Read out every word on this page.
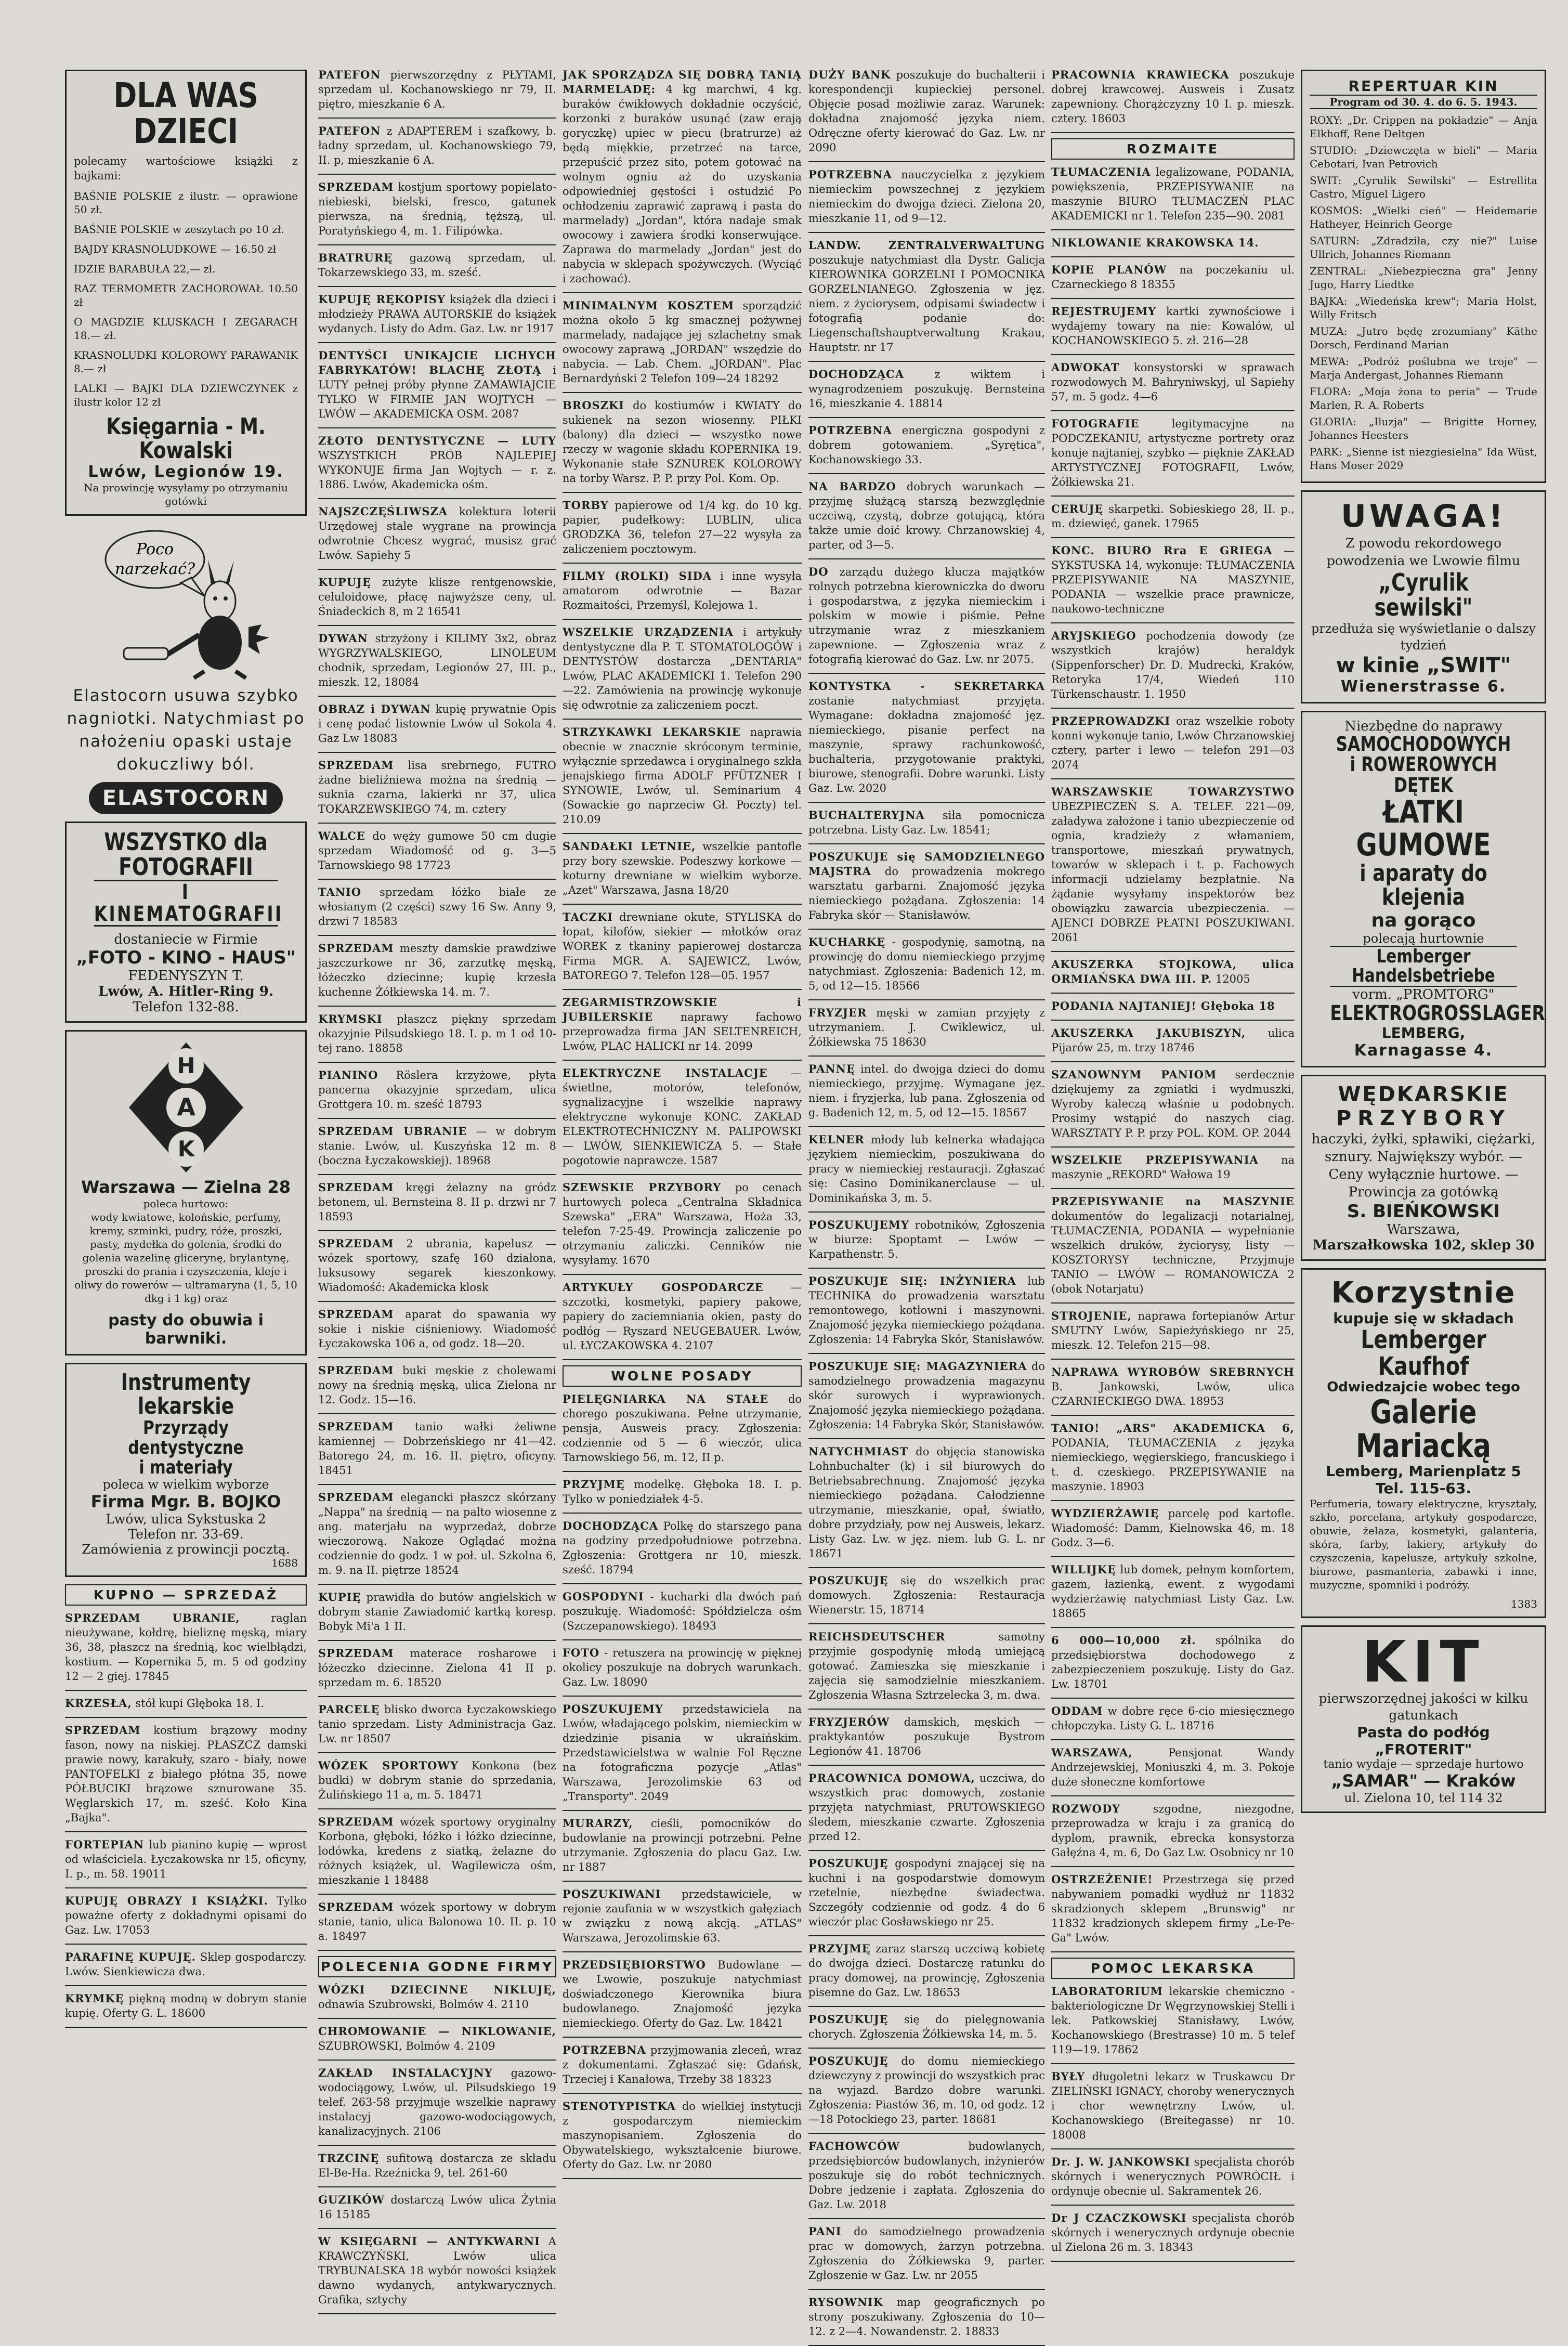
DLA WAS DZIECI
polecamy wartościowe książki z bajkami:
BAŚNIE POLSKIE z ilustr. — oprawione 50 zł.
BAŚNIE POLSKIE w zeszytach po 10 zł.
BAJDY KRASNOLUDKOWE — 16.50 zł
IDZIE BARABUŁA 22,— zł.
RAZ TERMOMETR ZACHOROWAŁ 10.50 zł
O MAGDZIE KLUSKACH I ZEGARACH 18.— zł.
KRASNOLUDKI KOLOROWY PARAWANIK 8.— zł
LALKI — BAJKI DLA DZIEWCZYNEK z ilustr kolor 12 zł
Księgarnia - M. Kowalski
Lwów, Legionów 19.
Na prowincję wysyłamy po otrzymaniu gotówki
Poco
narzekać?
Elastocorn usuwa szybko nagniotki. Natychmiast po nałożeniu opaski ustaje dokuczliwy ból.
ELASTOCORN
WSZYSTKO dla FOTOGRAFII
I KINEMATOGRAFII
dostaniecie w Firmie
„FOTO - KINO - HAUS"
FEDENYSZYN T.
Lwów, A. Hitler-Ring 9.
Telefon 132-88.
H
A
K
Warszawa — Zielna 28
poleca hurtowo:
wody kwiatowe, kolońskie, perfumy, kremy, szminki, pudry, róże, proszki, pasty, mydełka do golenia, środki do golenia wazelinę glicerynę, brylantynę, proszki do prania i czyszczenia, kleje i oliwy do rowerów — ultramaryna (1, 5, 10 dkg i 1 kg) oraz
pasty do obuwia i barwniki.
Instrumenty lekarskie
Przyrządy dentystyczne
i materiały
poleca w wielkim wyborze
Firma Mgr. B. BOJKO
Lwów, ulica Sykstuska 2
Telefon nr. 33-69.
Zamówienia z prowincji pocztą.
1688
KUPNO — SPRZEDAŻ
SPRZEDAM UBRANIE, raglan nieużywane, kołdrę, bieliznę męską, miary 36, 38, płaszcz na średnią, koc wielbłądzi, kostium. — Kopernika 5, m. 5 od godziny 12 — 2 giej. 17845
KRZESŁA, stół kupi Głęboka 18. I.
SPRZEDAM kostium brązowy modny fason, nowy na niskiej. PŁASZCZ damski prawie nowy, karakuły, szaro - biały, nowe PANTOFELKI z białego płótna 35, nowe PÓŁBUCIKI brązowe sznurowane 35. Węglarskich 17, m. sześć. Koło Kina „Bajka".
FORTEPIAN lub pianino kupię — wprost od właściciela. Łyczakowska nr 15, oficyny, I. p., m. 58. 19011
KUPUJĘ OBRAZY I KSIĄŻKI. Tylko poważne oferty z dokładnymi opisami do Gaz. Lw. 17053
PARAFINĘ KUPUJĘ. Sklep gospodarczy. Lwów. Sienkiewicza dwa.
KRYMKĘ piękną modną w dobrym stanie kupię. Oferty G. L. 18600
PATEFON pierwszorzędny z PŁYTAMI, sprzedam ul. Kochanowskiego nr 79, II. piętro, mieszkanie 6 A.
PATEFON z ADAPTEREM i szafkowy, b. ładny sprzedam, ul. Kochanowskiego 79, II. p, mieszkanie 6 A.
SPRZEDAM kostjum sportowy popielato-niebieski, bielski, fresco, gatunek pierwsza, na średnią, tęższą, ul. Poratyńskiego 4, m. 1. Filipówka.
BRATRURĘ gazową sprzedam, ul. Tokarzewskiego 33, m. sześć.
KUPUJĘ RĘKOPISY książek dla dzieci i młodzieży PRAWA AUTORSKIE do książek wydanych. Listy do Adm. Gaz. Lw. nr 1917
DENTYŚCI UNIKAJCIE LICHYCH FABRYKATÓW! BLACHĘ ZŁOTĄ i LUTY pełnej próby płynne ZAMAWIAJCIE TYLKO W FIRMIE JAN WOJTYCH — LWÓW — AKADEMICKA OSM. 2087
ZŁOTO DENTYSTYCZNE — LUTY WSZYSTKICH PRÓB NAJLEPIEJ WYKONUJE firma Jan Wojtych — r. z. 1886. Lwów, Akademicka ośm.
NAJSZCZĘŚLIWSZA kolektura loterii Urzędowej stale wygrane na prowincja odwrotnie Chcesz wygrać, musisz grać Lwów. Sapiehy 5
KUPUJĘ zużyte klisze rentgenowskie, celuloidowe, płacę najwyższe ceny, ul. Śniadeckich 8, m 2 16541
DYWAN strzyżony i KILIMY 3x2, obraz WYGRZYWALSKIEGO, LINOLEUM chodnik, sprzedam, Legionów 27, III. p., mieszk. 12, 18084
OBRAZ i DYWAN kupię prywatnie Opis i cenę podać listownie Lwów ul Sokola 4. Gaz Lw 18083
SPRZEDAM lisa srebrnego, FUTRO żadne bieliźniewa można na średnią — suknia czarna, lakierki nr 37, ulica TOKARZEWSKIEGO 74, m. cztery
WALCE do węży gumowe 50 cm dugie sprzedam Wiadomość od g. 3—5 Tarnowskiego 98 17723
TANIO sprzedam łóżko białe ze włosianym (2 części) szwy 16 Sw. Anny 9, drzwi 7 18583
SPRZEDAM meszty damskie prawdziwe jaszczurkowe nr 36, zarzutkę męską, łóżeczko dziecinne; kupię krzesła kuchenne Żółkiewska 14. m. 7.
KRYMSKI płaszcz piękny sprzedam okazyjnie Pilsudskiego 18. I. p. m 1 od 10-tej rano. 18858
PIANINO Röslera krzyżowe, płyta pancerna okazyjnie sprzedam, ulica Grottgera 10. m. sześć 18793
SPRZEDAM UBRANIE — w dobrym stanie. Lwów, ul. Kuszyńska 12 m. 8 (boczna Łyczakowskiej). 18968
SPRZEDAM kręgi żelazny na gródz betonem, ul. Bernsteina 8. II p. drzwi nr 7 18593
SPRZEDAM 2 ubrania, kapelusz — wózek sportowy, szafę 160 działona, luksusowy segarek kieszonkowy. Wiadomość: Akademicka klosk
SPRZEDAM aparat do spawania wy sokie i niskie ciśnieniowy. Wiadomość Łyczakowska 106 a, od godz. 18—20.
SPRZEDAM buki męskie z cholewami nowy na średnią męską, ulica Zielona nr 12. Godz. 15—16.
SPRZEDAM tanio wałki żeliwne kamiennej — Dobrzeńskiego nr 41—42. Batorego 24, m. 16. II. piętro, oficyny. 18451
SPRZEDAM elegancki płaszcz skórzany „Nappa" na średnią — na palto wiosenne z ang. materjału na wyprzedaż, dobrze wieczorową. Nakoze Oglądać można codziennie do godz. 1 w poł. ul. Szkolna 6, m. 9. na II. piętrze 18524
KUPIĘ prawidła do butów angielskich w dobrym stanie Zawiadomić kartką koresp. Bobyk Mi'a 1 II.
SPRZEDAM materace rosharowe i łóżeczko dziecinne. Zielona 41 II p. sprzedam m. 6. 18520
PARCELĘ blisko dworca Łyczakowskiego tanio sprzedam. Listy Administracja Gaz. Lw. nr 18507
WÓZEK SPORTOWY Konkona (bez budki) w dobrym stanie do sprzedania, Żulińskiego 11 a, m. 5. 18471
SPRZEDAM wózek sportowy oryginalny Korbona, głęboki, łóżko i łóżko dziecinne, lodówka, kredens z siatką, żelazne do różnych książek, ul. Wagilewicza ośm, mieszkanie 1 18488
SPRZEDAM wózek sportowy w dobrym stanie, tanio, ulica Balonowa 10. II. p. 10 a. 18497
POLECENIA GODNE FIRMY
WÓZKI DZIECINNE NIKLUJĘ, odnawia Szubrowski, Bolmów 4. 2110
CHROMOWANIE — NIKLOWANIE, SZUBROWSKI, Bolmów 4. 2109
ZAKŁAD INSTALACYJNY gazowo-wodociągowy, Lwów, ul. Pilsudskiego 19 telef. 263-58 przyjmuje wszelkie naprawy instalacyj gazowo-wodociągowych, kanalizacyjnych. 2106
TRZCINĘ sufitową dostarcza ze składu El-Be-Ha. Rzeźnicka 9, tel. 261-60
GUZIKÓW dostarczą Lwów ulica Żytnia 16 15185
W KSIĘGARNI — ANTYKWARNI A KRAWCZYŃSKI, Lwów ulica TRYBUNALSKA 18 wybór nowości książek dawno wydanych, antykwarycznych. Grafika, sztychy
JAK SPORZĄDZA SIĘ DOBRĄ TANIĄ MARMELADĘ: 4 kg marchwi, 4 kg. buraków ćwikłowych dokładnie oczyścić, korzonki z buraków usunąć (zaw erają goryczkę) upiec w piecu (bratrurze) aż będą miękkie, przetrzeć na tarce, przepuścić przez sito, potem gotować na wolnym ogniu aż do uzyskania odpowiedniej gęstości i ostudzić Po ochłodzeniu zaprawić zaprawą i pasta do marmelady) „Jordan", która nadaje smak owocowy i zawiera środki konserwujące. Zaprawa do marmelady „Jordan" jest do nabycia w sklepach spożywczych. (Wyciąć i zachować).
MINIMALNYM KOSZTEM sporządzić można około 5 kg smacznej pożywnej marmelady, nadające jej szlachetny smak owocowy zaprawą „JORDAN" wszędzie do nabycia. — Lab. Chem. „JORDAN". Plac Bernardyński 2 Telefon 109—24 18292
BROSZKI do kostiumów i KWIATY do sukienek na sezon wiosenny. PIŁKI (balony) dla dzieci — wszystko nowe rzeczy w wagonie składu KOPERNIKA 19. Wykonanie stałe SZNUREK KOLOROWY na torby Warsz. P. P. przy Pol. Kom. Op.
TORBY papierowe od 1/4 kg. do 10 kg. papier, pudełkowy: LUBLIN, ulica GRODZKA 36, telefon 27—22 wysyła za zaliczeniem pocztowym.
FILMY (ROLKI) SIDA i inne wysyła amatorom odwrotnie — Bazar Rozmaitości, Przemyśl, Kolejowa 1.
WSZELKIE URZĄDZENIA i artykuły dentystyczne dla P. T. STOMATOLOGÓW i DENTYSTÓW dostarcza „DENTARIA" Lwów, PLAC AKADEMICKI 1. Telefon 290—22. Zamówienia na prowincję wykonuje się odwrotnie za zaliczeniem poczt.
STRZYKAWKI LEKARSKIE naprawia obecnie w znacznie skróconym terminie, wyłącznie sprzedawca i oryginalnego szkła jenajskiego firma ADOLF PFÜTZNER I SYNOWIE, Lwów, ul. Seminarium 4 (Sowackie go naprzeciw Gł. Poczty) tel. 210.09
SANDAŁKI LETNIE, wszelkie pantofle przy bory szewskie. Podeszwy korkowe — koturny drewniane w wielkim wyborze. „Azet" Warszawa, Jasna 18/20
TACZKI drewniane okute, STYLISKA do łopat, kilofów, siekier — młotków oraz WOREK z tkaniny papierowej dostarcza Firma MGR. A. SAJEWICZ, Lwów, BATOREGO 7. Telefon 128—05. 1957
ZEGARMISTRZOWSKIE i JUBILERSKIE naprawy fachowo przeprowadza firma JAN SELTENREICH, Lwów, PLAC HALICKI nr 14. 2099
ELEKTRYCZNE INSTALACJE — świetlne, motorów, telefonów, sygnalizacyjne i wszelkie naprawy elektryczne wykonuje KONC. ZAKŁAD ELEKTROTECHNICZNY M. PALIPOWSKI — LWÓW, SIENKIEWICZA 5. — Stałe pogotowie naprawcze. 1587
SZEWSKIE PRZYBORY po cenach hurtowych poleca „Centralna Składnica Szewska" „ERA" Warszawa, Hoża 33, telefon 7-25-49. Prowincja zaliczenie po otrzymaniu zaliczki. Cenników nie wysyłamy. 1670
ARTYKUŁY GOSPODARCZE — szczotki, kosmetyki, papiery pakowe, papiery do zaciemniania okien, pasty do podłóg — Ryszard NEUGEBAUER. Lwów, ul. ŁYCZAKOWSKA 4. 2107
WOLNE POSADY
PIELĘGNIARKA NA STAŁE do chorego poszukiwana. Pełne utrzymanie, pensja, Ausweis pracy. Zgłoszenia: codziennie od 5 — 6 wieczór, ulica Tarnowskiego 56, m. 12, II p.
PRZYJMĘ modelkę. Głęboka 18. I. p. Tylko w poniedziałek 4-5.
DOCHODZĄCA Polkę do starszego pana na godziny przedpołudniowe potrzebna. Zgłoszenia: Grottgera nr 10, mieszk. sześć. 18794
GOSPODYNI - kucharki dla dwóch pań poszukuję. Wiadomość: Spółdzielcza ośm (Szczepanowskiego). 18493
FOTO - retuszera na prowincję w pięknej okolicy poszukuje na dobrych warunkach. Gaz. Lw. 18090
POSZUKUJEMY przedstawiciela na Lwów, władającego polskim, niemieckim w dziedzinie pisania w ukraińskim. Przedstawicielstwa w walnie Fol Ręczne na fotograficzna pozycje „Atlas" Warszawa, Jerozolimskie 63 od „Transporty". 2049
MURARZY, cieśli, pomocników do budowlanie na prowincji potrzebni. Pełne utrzymanie. Zgłoszenia do placu Gaz. Lw. nr 1887
POSZUKIWANI przedstawiciele, w rejonie zaufania w w wszystkich gałęziach w związku z nową akcją. „ATLAS" Warszawa, Jerozolimskie 63.
PRZEDSIĘBIORSTWO Budowlane — we Lwowie, poszukuje natychmiast doświadczonego Kierownika biura budowlanego. Znajomość języka niemieckiego. Oferty do Gaz. Lw. 18421
POTRZEBNA przyjmowania zleceń, wraz z dokumentami. Zgłaszać się: Gdańsk, Trzeciej i Kanałowa, Trzeby 38 18323
STENOTYPISTKA do wielkiej instytucji z gospodarczym niemieckim maszynopisaniem. Zgłoszenia do Obywatelskiego, wykształcenie biurowe. Oferty do Gaz. Lw. nr 2080
DUŻY BANK poszukuje do buchalterii i korespondencji kupieckiej personel. Objęcie posad możliwie zaraz. Warunek: dokładna znajomość języka niem. Odręczne oferty kierować do Gaz. Lw. nr 2090
POTRZEBNA nauczycielka z językiem niemieckim powszechnej z językiem niemieckim do dwojga dzieci. Zielona 20, mieszkanie 11, od 9—12.
LANDW. ZENTRALVERWALTUNG poszukuje natychmiast dla Dystr. Galicja KIEROWNIKA GORZELNI I POMOCNIKA GORZELNIANEGO. Zgłoszenia w jęz. niem. z życiorysem, odpisami świadectw i fotografią podanie do: Liegenschaftshauptverwaltung Krakau, Hauptstr. nr 17
DOCHODZĄCA z wiktem i wynagrodzeniem poszukuję. Bernsteina 16, mieszkanie 4. 18814
POTRZEBNA energiczna gospodyni z dobrem gotowaniem. „Syrętica", Kochanowskiego 33.
NA BARDZO dobrych warunkach — przyjmę służącą starszą bezwzględnie uczciwą, czystą, dobrze gotującą, która także umie doić krowy. Chrzanowskiej 4, parter, od 3—5.
DO zarządu dużego klucza majątków rolnych potrzebna kierowniczka do dworu i gospodarstwa, z języka niemieckim i polskim w mowie i piśmie. Pełne utrzymanie wraz z mieszkaniem zapewnione. — Zgłoszenia wraz z fotografią kierować do Gaz. Lw. nr 2075.
KONTYSTKA - SEKRETARKA zostanie natychmiast przyjęta. Wymagane: dokładna znajomość jęz. niemieckiego, pisanie perfect na maszynie, sprawy rachunkowość, buchalteria, przygotowanie praktyki, biurowe, stenografii. Dobre warunki. Listy Gaz. Lw. 2020
BUCHALTERYJNA siła pomocnicza potrzebna. Listy Gaz. Lw. 18541;
POSZUKUJE się SAMODZIELNEGO MAJSTRA do prowadzenia mokrego warsztatu garbarni. Znajomość języka niemieckiego pożądana. Zgłoszenia: 14 Fabryka skór — Stanisławów.
KUCHARKĘ - gospodynię, samotną, na prowincję do domu niemieckiego przyjmę natychmiast. Zgłoszenia: Badenich 12, m. 5, od 12—15. 18566
FRYZJER męski w zamian przyjęty z utrzymaniem. J. Cwiklewicz, ul. Żółkiewska 75 18630
PANNĘ intel. do dwojga dzieci do domu niemieckiego, przyjmę. Wymagane jęz. niem. i fryzjerka, lub pana. Zgłoszenia od g. Badenich 12, m. 5, od 12—15. 18567
KELNER młody lub kelnerka władająca językiem niemieckim, poszukiwana do pracy w niemieckiej restauracji. Zgłaszać się: Casino Dominikanerclause — ul. Dominikańska 3, m. 5.
POSZUKUJEMY robotników, Zgłoszenia w biurze: Spoptamt — Lwów — Karpathenstr. 5.
POSZUKUJE SIĘ: INŻYNIERA lub TECHNIKA do prowadzenia warsztatu remontowego, kotłowni i maszynowni. Znajomość języka niemieckiego pożądana. Zgłoszenia: 14 Fabryka Skór, Stanisławów.
POSZUKUJE SIĘ: MAGAZYNIERA do samodzielnego prowadzenia magazynu skór surowych i wyprawionych. Znajomość języka niemieckiego pożądana. Zgłoszenia: 14 Fabryka Skór, Stanisławów.
NATYCHMIAST do objęcia stanowiska Lohnbuchalter (k) i sił biurowych do Betriebsabrechnung. Znajomość języka niemieckiego pożądana. Całodzienne utrzymanie, mieszkanie, opał, światło, dobre przydziały, pow nej Ausweis, lekarz. Listy Gaz. Lw. w jęz. niem. lub G. L. nr 18671
POSZUKUJĘ się do wszelkich prac domowych. Zgłoszenia: Restauracja Wienerstr. 15, 18714
REICHSDEUTSCHER samotny przyjmie gospodynię młodą umiejącą gotować. Zamieszka się mieszkanie i zajęcia się samodzielnie mieszkaniem. Zgłoszenia Własna Sztrzelecka 3, m. dwa.
FRYZJERÓW damskich, męskich — praktykantów poszukuje Bystrom Legionów 41. 18706
PRACOWNICA DOMOWA, uczciwa, do wszystkich prac domowych, zostanie przyjęta natychmiast, PRUTOWSKIEGO śledem, mieszkanie czwarte. Zgłoszenia przed 12.
POSZUKUJĘ gospodyni znającej się na kuchni i na gospodarstwie domowym rzetelnie, niezbędne świadectwa. Szczegóły codziennie od godz. 4 do 6 wieczór plac Gosławskiego nr 25.
PRZYJMĘ zaraz starszą uczciwą kobietę do dwojga dzieci. Dostarczę ratunku do pracy domowej, na prowincję, Zgłoszenia pisemne do Gaz. Lw. 18653
POSZUKUJĘ się do pielęgnowania chorych. Zgłoszenia Żółkiewska 14, m. 5.
POSZUKUJĘ do domu niemieckiego dziewczyny z prowincji do wszystkich prac na wyjazd. Bardzo dobre warunki. Zgłoszenia: Piastów 36, m. 10, od godz. 12—18 Potockiego 23, parter. 18681
FACHOWCÓW budowlanych, przedsiębiorców budowlanych, inżynierów poszukuje się do robót technicznych. Dobre jedzenie i zapłata. Zgłoszenia do Gaz. Lw. 2018
PANI do samodzielnego prowadzenia prac w domowych, żarzyn potrzebna. Zgłoszenia do Żółkiewska 9, parter. Zgłoszenie w Gaz. Lw. nr 2055
RYSOWNIK map geograficznych po strony poszukiwany. Zgłoszenia do 10—12. z 2—4. Nowandenstr. 2. 18833
PRACOWNIA KRAWIECKA poszukuje dobrej krawcowej. Ausweis i Zusatz zapewniony. Chorążczyzny 10 I. p. mieszk. cztery. 18603
ROZMAITE
TŁUMACZENIA legalizowane, PODANIA, powiększenia, PRZEPISYWANIE na maszynie BIURO TŁUMACZEŃ PLAC AKADEMICKI nr 1. Telefon 235—90. 2081
NIKLOWANIE KRAKOWSKA 14.
KOPIE PLANÓW na poczekaniu ul. Czarneckiego 8 18355
REJESTRUJEMY kartki zywnościowe i wydajemy towary na nie: Kowalów, ul KOCHANOWSKIEGO 5. zł. 216—28
ADWOKAT konsystorski w sprawach rozwodowych M. Bahryniwskyj, ul Sapiehy 57, m. 5 godz. 4—6
FOTOGRAFIE legitymacyjne na PODCZEKANIU, artystyczne portrety oraz konuje najtaniej, szybko — pięknie ZAKŁAD ARTYSTYCZNEJ FOTOGRAFII, Lwów, Żółkiewska 21.
CERUJĘ skarpetki. Sobieskiego 28, II. p., m. dziewięć, ganek. 17965
KONC. BIURO Rra E GRIEGA — SYKSTUSKA 14, wykonuje: TŁUMACZENIA PRZEPISYWANIE NA MASZYNIE, PODANIA — wszelkie prace prawnicze, naukowo-techniczne
ARYJSKIEGO pochodzenia dowody (ze wszystkich krajów) heraldyk (Sippenforscher) Dr. D. Mudrecki, Kraków, Retoryka 17/4, Wiedeń 110 Türkenschaustr. 1. 1950
PRZEPROWADZKI oraz wszelkie roboty konni wykonuje tanio, Lwów Chrzanowskiej cztery, parter i lewo — telefon 291—03 2074
WARSZAWSKIE TOWARZYSTWO UBEZPIECZEŃ S. A. TELEF. 221—09, załadywa założone i tanio ubezpieczenie od ognia, kradzieży z włamaniem, transportowe, mieszkań prywatnych, towarów w sklepach i t. p. Fachowych informacji udzielamy bezpłatnie. Na żądanie wysyłamy inspektorów bez obowiązku zawarcia ubezpieczenia. — AJENCI DOBRZE PŁATNI POSZUKIWANI. 2061
AKUSZERKA STOJKOWA, ulica ORMIAŃSKA DWA III. P. 12005
PODANIA NAJTANIEJ! Głęboka 18
AKUSZERKA JAKUBISZYN, ulica Pijarów 25, m. trzy 18746
SZANOWNYM PANIOM serdecznie dziękujemy za zgniatki i wydmuszki, Wyroby kaleczą właśnie u podobnych. Prosimy wstąpić do naszych ciag. WARSZTATY P. P. przy POL. KOM. OP. 2044
WSZELKIE PRZEPISYWANIA na maszynie „REKORD" Wałowa 19
PRZEPISYWANIE na MASZYNIE dokumentów do legalizacji notarialnej, TŁUMACZENIA, PODANIA — wypełnianie wszelkich druków, życiorysy, listy — KOSZTORYSY techniczne, Przyjmuje TANIO — LWÓW — ROMANOWICZA 2 (obok Notarjatu)
STROJENIE, naprawa fortepianów Artur SMUTNY Lwów, Sapieżyńskiego nr 25, mieszk. 12. Telefon 215—98.
NAPRAWA WYROBÓW SREBRNYCH B. Jankowski, Lwów, ulica CZARNIECKIEGO DWA. 18953
TANIO! „ARS" AKADEMICKA 6, PODANIA, TŁUMACZENIA z języka niemieckiego, węgierskiego, francuskiego i t. d. czeskiego. PRZEPISYWANIE na maszynie. 18903
WYDZIERŻAWIĘ parcelę pod kartofle. Wiadomość: Damm, Kielnowska 46, m. 18 Godz. 3—6.
WILLIJKĘ lub domek, pełnym komfortem, gazem, łazienką, ewent. z wygodami wydzierżawię natychmiast Listy Gaz. Lw. 18865
6 000—10,000 zł. spólnika do przedsiębiorstwa dochodowego z zabezpieczeniem poszukuję. Listy do Gaz. Lw. 18701
ODDAM w dobre ręce 6-cio miesięcznego chłopczyka. Listy G. L. 18716
WARSZAWA, Pensjonat Wandy Andrzejewskiej, Moniuszki 4, m. 3. Pokoje duże słoneczne komfortowe
ROZWODY szgodne, niezgodne, przeprowadza w kraju i za granicą do dyplom, prawnik, ebrecka konsystorza Gałęźna 4, m. 6, Do Gaz Lw. Osobnicy nr 10
OSTRZEŻENIE! Przestrzega się przed nabywaniem pomadki wydłuż nr 11832 skradzionych sklepem „Brunswig" nr 11832 kradzionych sklepem firmy „Le-Pe-Ga" Lwów.
POMOC LEKARSKA
LABORATORIUM lekarskie chemiczno - bakteriologiczne Dr Węgrzynowskiej Stelli i lek. Patkowskiej Stanisławy, Lwów, Kochanowskiego (Brestrasse) 10 m. 5 telef 119—19. 17862
BYŁY długoletni lekarz w Truskawcu Dr ZIELIŃSKI IGNACY, choroby wenerycznych i chor wewnętrzny Lwów, ul. Kochanowskiego (Breitegasse) nr 10. 18008
Dr. J. W. JANKOWSKI specjalista chorób skórnych i wenerycznych POWRÓCIŁ i ordynuje obecnie ul. Sakramentek 26.
Dr J CZACZKOWSKI specjalista chorób skórnych i wenerycznych ordynuje obecnie ul Zielona 26 m. 3. 18343
REPERTUAR KIN
Program od 30. 4. do 6. 5. 1943.
ROXY: „Dr. Crippen na pokładzie" — Anja Elkhoff, Rene Deltgen
STUDIO: „Dziewczęta w bieli" — Maria Cebotari, Ivan Petrovich
SWIT: „Cyrulik Sewilski" — Estrellita Castro, Miguel Ligero
KOSMOS: „Wielki cień" — Heidemarie Hatheyer, Heinrich George
SATURN: „Zdradziła, czy nie?" Luise Ullrich, Johannes Riemann
ZENTRAL: „Niebezpieczna gra" Jenny Jugo, Harry Liedtke
BAJKA: „Wiedeńska krew"; Maria Holst, Willy Fritsch
MUZA: „Jutro będę zrozumiany" Käthe Dorsch, Ferdinand Marian
MEWA: „Podróż poślubna we troje" — Marja Andergast, Johannes Riemann
FLORA: „Moja żona to peria" — Trude Marlen, R. A. Roberts
GLORIA: „Iluzja" — Brigitte Horney, Johannes Heesters
PARK: „Sienne ist niezgiesielna" Ida Wüst, Hans Moser 2029
UWAGA!
Z powodu rekordowego powodzenia we Lwowie filmu
„Cyrulik sewilski"
przedłuża się wyświetlanie o dalszy tydzień
w kinie „SWIT"
Wienerstrasse 6.
Niezbędne do naprawy
SAMOCHODOWYCH
i ROWEROWYCH DĘTEK
ŁATKI GUMOWE
i aparaty do klejenia
na gorąco
polecają hurtownie
Lemberger Handelsbetriebe
vorm. „PROMTORG"
ELEKTROGROSSLAGER
LEMBERG,
Karnagasse 4.
WĘDKARSKIE
PRZYBORY
haczyki, żyłki, spławiki, ciężarki, sznury. Największy wybór. — Ceny wyłącznie hurtowe. — Prowincja za gotówką
S. BIEŃKOWSKI
Warszawa,
Marszałkowska 102, sklep 30
Korzystnie
kupuje się w składach
Lemberger Kaufhof
Odwiedzajcie wobec tego
Galerie Mariacką
Lemberg, Marienplatz 5
Tel. 115-63.
Perfumeria, towary elektryczne, kryształy, szkło, porcelana, artykuły gospodarcze, obuwie, żelaza, kosmetyki, galanteria, skóra, farby, lakiery, artykuły do czyszczenia, kapelusze, artykuły szkolne, biurowe, pasmanteria, zabawki i inne, muzyczne, spomniki i podróży.
1383
KIT
pierwszorzędnej jakości w kilku gatunkach
Pasta do podłóg „FROTERIT"
tanio wydaje — sprzedaje hurtowo
„SAMAR" — Kraków
ul. Zielona 10, tel 114 32
